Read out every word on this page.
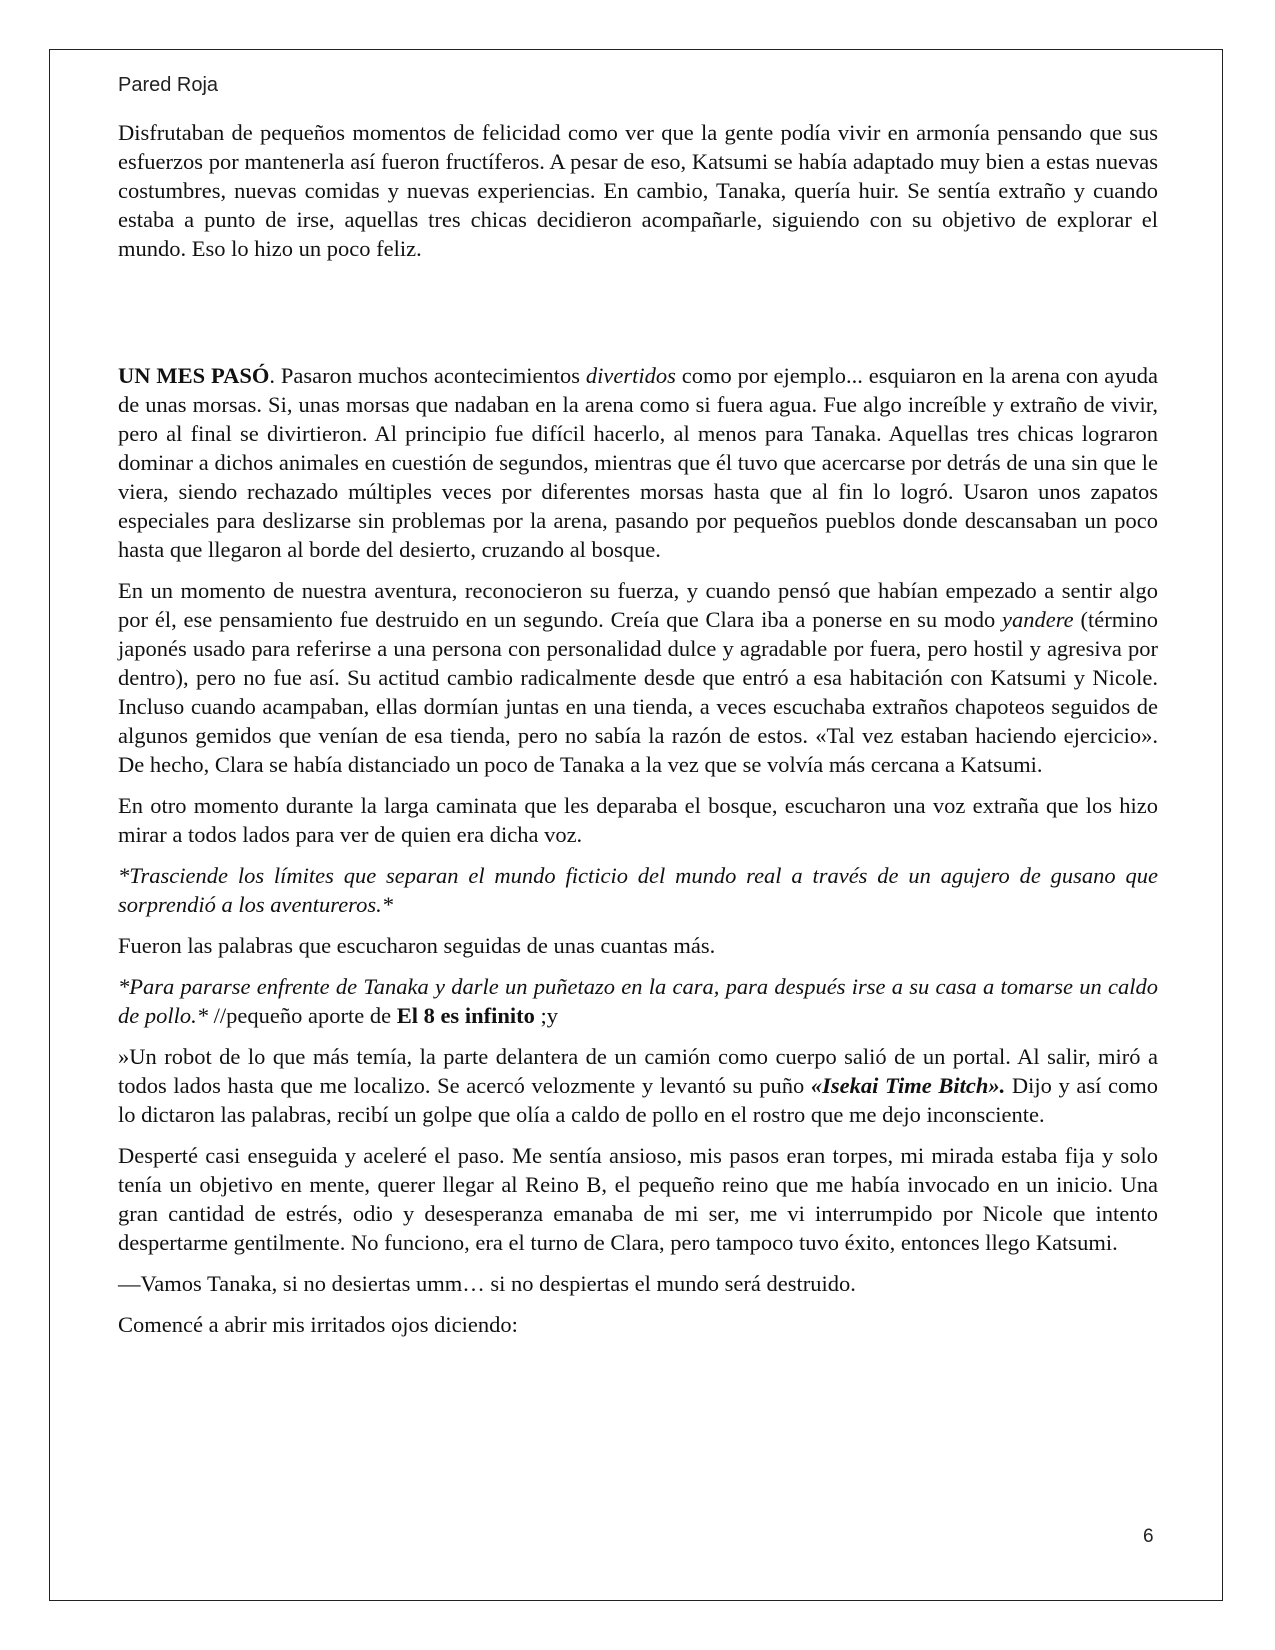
Pared Roja

Disfrutaban de pequeños momentos de felicidad como ver que la gente podía vivir en armonía pensando que sus esfuerzos por mantenerla así fueron fructíferos. A pesar de eso, Katsumi se había adaptado muy bien a estas nuevas costumbres, nuevas comidas y nuevas experiencias. En cambio, Tanaka, quería huir. Se sentía extraño y cuando estaba a punto de irse, aquellas tres chicas decidieron acompañarle, siguiendo con su objetivo de explorar el mundo. Eso lo hizo un poco feliz.

UN MES PASÓ. Pasaron muchos acontecimientos divertidos como por ejemplo... esquiaron en la arena con ayuda de unas morsas. Si, unas morsas que nadaban en la arena como si fuera agua. Fue algo increíble y extraño de vivir, pero al final se divirtieron. Al principio fue difícil hacerlo, al menos para Tanaka. Aquellas tres chicas lograron dominar a dichos animales en cuestión de segundos, mientras que él tuvo que acercarse por detrás de una sin que le viera, siendo rechazado múltiples veces por diferentes morsas hasta que al fin lo logró. Usaron unos zapatos especiales para deslizarse sin problemas por la arena, pasando por pequeños pueblos donde descansaban un poco hasta que llegaron al borde del desierto, cruzando al bosque.

En un momento de nuestra aventura, reconocieron su fuerza, y cuando pensó que habían empezado a sentir algo por él, ese pensamiento fue destruido en un segundo. Creía que Clara iba a ponerse en su modo yandere (término japonés usado para referirse a una persona con personalidad dulce y agradable por fuera, pero hostil y agresiva por dentro), pero no fue así. Su actitud cambio radicalmente desde que entró a esa habitación con Katsumi y Nicole. Incluso cuando acampaban, ellas dormían juntas en una tienda, a veces escuchaba extraños chapoteos seguidos de algunos gemidos que venían de esa tienda, pero no sabía la razón de estos. «Tal vez estaban haciendo ejercicio». De hecho, Clara se había distanciado un poco de Tanaka a la vez que se volvía más cercana a Katsumi.

En otro momento durante la larga caminata que les deparaba el bosque, escucharon una voz extraña que los hizo mirar a todos lados para ver de quien era dicha voz.

*Trasciende los límites que separan el mundo ficticio del mundo real a través de un agujero de gusano que sorprendió a los aventureros.*

Fueron las palabras que escucharon seguidas de unas cuantas más.

*Para pararse enfrente de Tanaka y darle un puñetazo en la cara, para después irse a su casa a tomarse un caldo de pollo.* //pequeño aporte de El 8 es infinito ;y

»Un robot de lo que más temía, la parte delantera de un camión como cuerpo salió de un portal. Al salir, miró a todos lados hasta que me localizo. Se acercó velozmente y levantó su puño «Isekai Time Bitch». Dijo y así como lo dictaron las palabras, recibí un golpe que olía a caldo de pollo en el rostro que me dejo inconsciente.

Desperté casi enseguida y aceleré el paso. Me sentía ansioso, mis pasos eran torpes, mi mirada estaba fija y solo tenía un objetivo en mente, querer llegar al Reino B, el pequeño reino que me había invocado en un inicio. Una gran cantidad de estrés, odio y desesperanza emanaba de mi ser, me vi interrumpido por Nicole que intento despertarme gentilmente. No funciono, era el turno de Clara, pero tampoco tuvo éxito, entonces llego Katsumi.

—Vamos Tanaka, si no desiertas umm… si no despiertas el mundo será destruido.

Comencé a abrir mis irritados ojos diciendo:

6
